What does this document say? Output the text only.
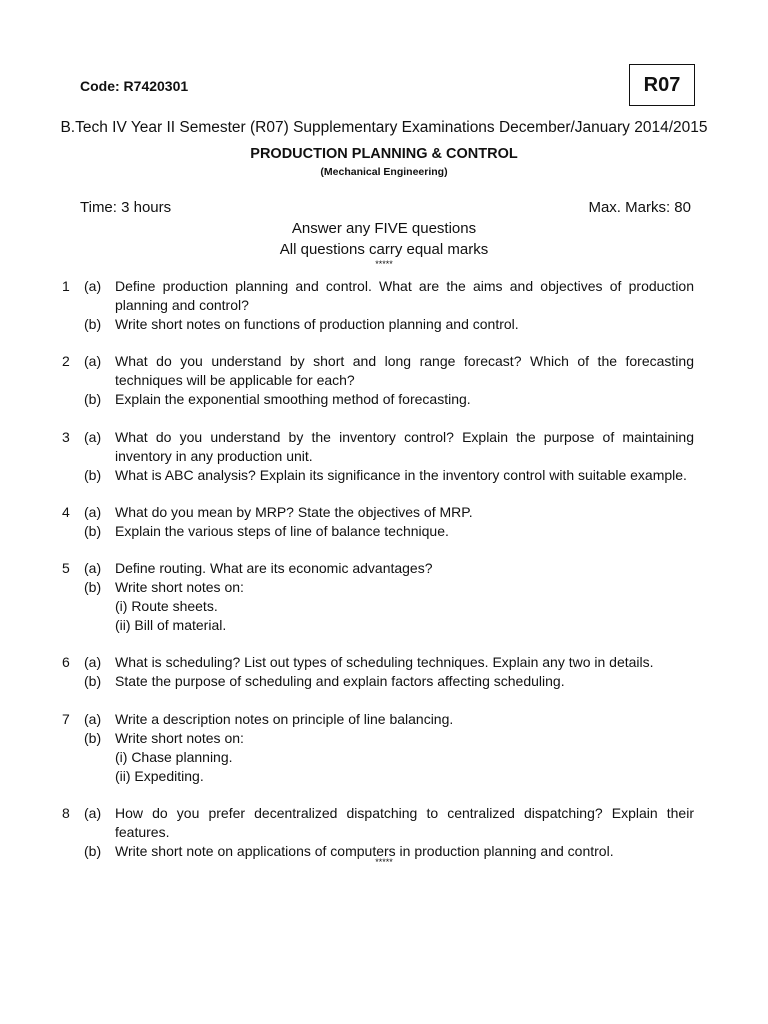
Code: R7420301	R07
B.Tech IV Year II Semester (R07) Supplementary Examinations December/January 2014/2015
PRODUCTION PLANNING & CONTROL
(Mechanical Engineering)
Time: 3 hours	Max. Marks: 80
Answer any FIVE questions
All questions carry equal marks
*****
1 (a) Define production planning and control. What are the aims and objectives of production planning and control?
(b) Write short notes on functions of production planning and control.
2 (a) What do you understand by short and long range forecast? Which of the forecasting techniques will be applicable for each?
(b) Explain the exponential smoothing method of forecasting.
3 (a) What do you understand by the inventory control? Explain the purpose of maintaining inventory in any production unit.
(b) What is ABC analysis? Explain its significance in the inventory control with suitable example.
4 (a) What do you mean by MRP? State the objectives of MRP.
(b) Explain the various steps of line of balance technique.
5 (a) Define routing. What are its economic advantages?
(b) Write short notes on:
(i) Route sheets.
(ii) Bill of material.
6 (a) What is scheduling? List out types of scheduling techniques. Explain any two in details.
(b) State the purpose of scheduling and explain factors affecting scheduling.
7 (a) Write a description notes on principle of line balancing.
(b) Write short notes on:
(i) Chase planning.
(ii) Expediting.
8 (a) How do you prefer decentralized dispatching to centralized dispatching? Explain their features.
(b) Write short note on applications of computers in production planning and control.
*****
